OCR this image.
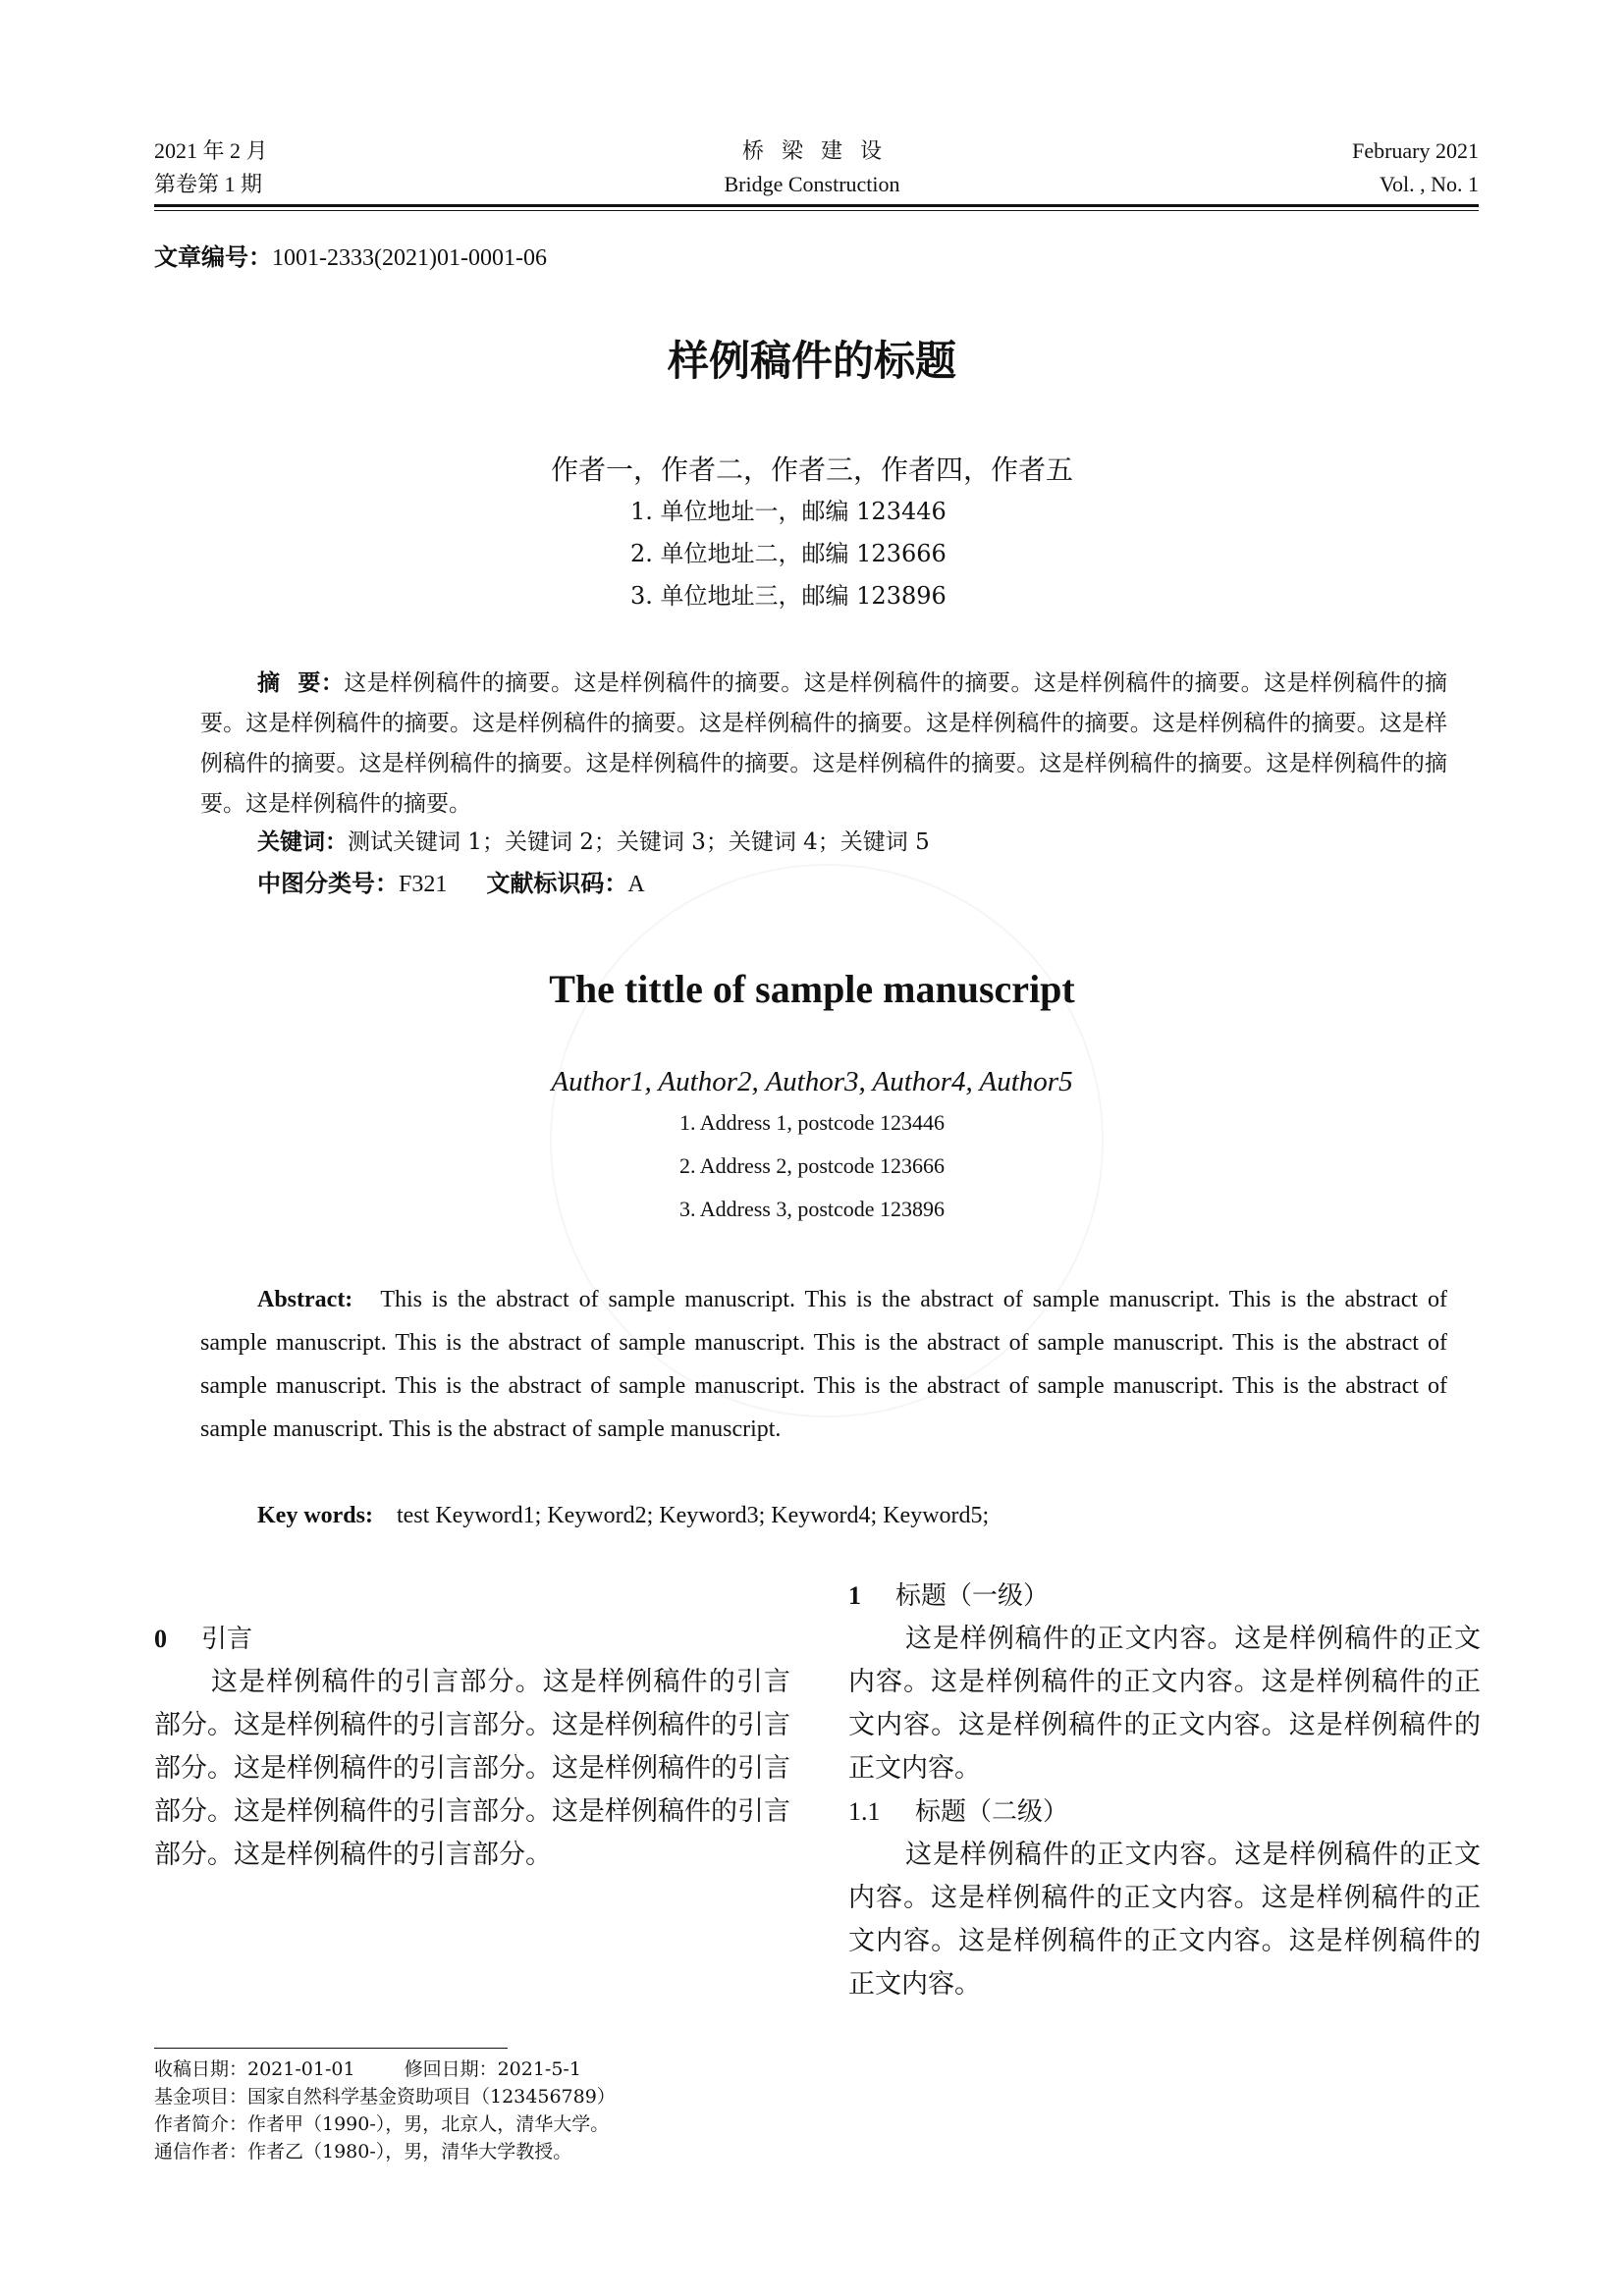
2021 年 2 月
第卷第 1 期
桥梁建设
Bridge Construction
February 2021
Vol. , No. 1
文章编号：1001-2333(2021)01-0001-06
样例稿件的标题
作者一，作者二，作者三，作者四，作者五
1. 单位地址一，邮编 123446
2. 单位地址二，邮编 123666
3. 单位地址三，邮编 123896
摘要：这是样例稿件的摘要。这是样例稿件的摘要。这是样例稿件的摘要。这是样例稿件的摘要。这是样例稿件的摘要。这是样例稿件的摘要。这是样例稿件的摘要。这是样例稿件的摘要。这是样例稿件的摘要。这是样例稿件的摘要。这是样例稿件的摘要。这是样例稿件的摘要。这是样例稿件的摘要。这是样例稿件的摘要。这是样例稿件的摘要。这是样例稿件的摘要。这是样例稿件的摘要。
关键词：测试关键词 1；关键词 2；关键词 3；关键词 4；关键词 5
中图分类号：F321 文献标识码：A
The tittle of sample manuscript
Author1, Author2, Author3, Author4, Author5
1. Address 1, postcode 123446
2. Address 2, postcode 123666
3. Address 3, postcode 123896
Abstract: This is the abstract of sample manuscript. This is the abstract of sample manuscript. This is the abstract of sample manuscript. This is the abstract of sample manuscript. This is the abstract of sample manuscript. This is the abstract of sample manuscript. This is the abstract of sample manuscript. This is the abstract of sample manuscript. This is the abstract of sample manuscript. This is the abstract of sample manuscript.
Key words: test Keyword1; Keyword2; Keyword3; Keyword4; Keyword5;
0 引言

这是样例稿件的引言部分。这是样例稿件的引言部分。这是样例稿件的引言部分。这是样例稿件的引言部分。这是样例稿件的引言部分。这是样例稿件的引言部分。这是样例稿件的引言部分。这是样例稿件的引言部分。这是样例稿件的引言部分。

1 标题（一级）

这是样例稿件的正文内容。这是样例稿件的正文内容。这是样例稿件的正文内容。这是样例稿件的正文内容。这是样例稿件的正文内容。这是样例稿件的正文内容。

1.1 标题（二级）

这是样例稿件的正文内容。这是样例稿件的正文内容。这是样例稿件的正文内容。这是样例稿件的正文内容。这是样例稿件的正文内容。这是样例稿件的正文内容。

收稿日期：2021-01-01	修回日期：2021-5-1
基金项目：国家自然科学基金资助项目（123456789）
作者简介：作者甲（1990-），男，北京人，清华大学。
通信作者：作者乙（1980-），男，清华大学教授。
